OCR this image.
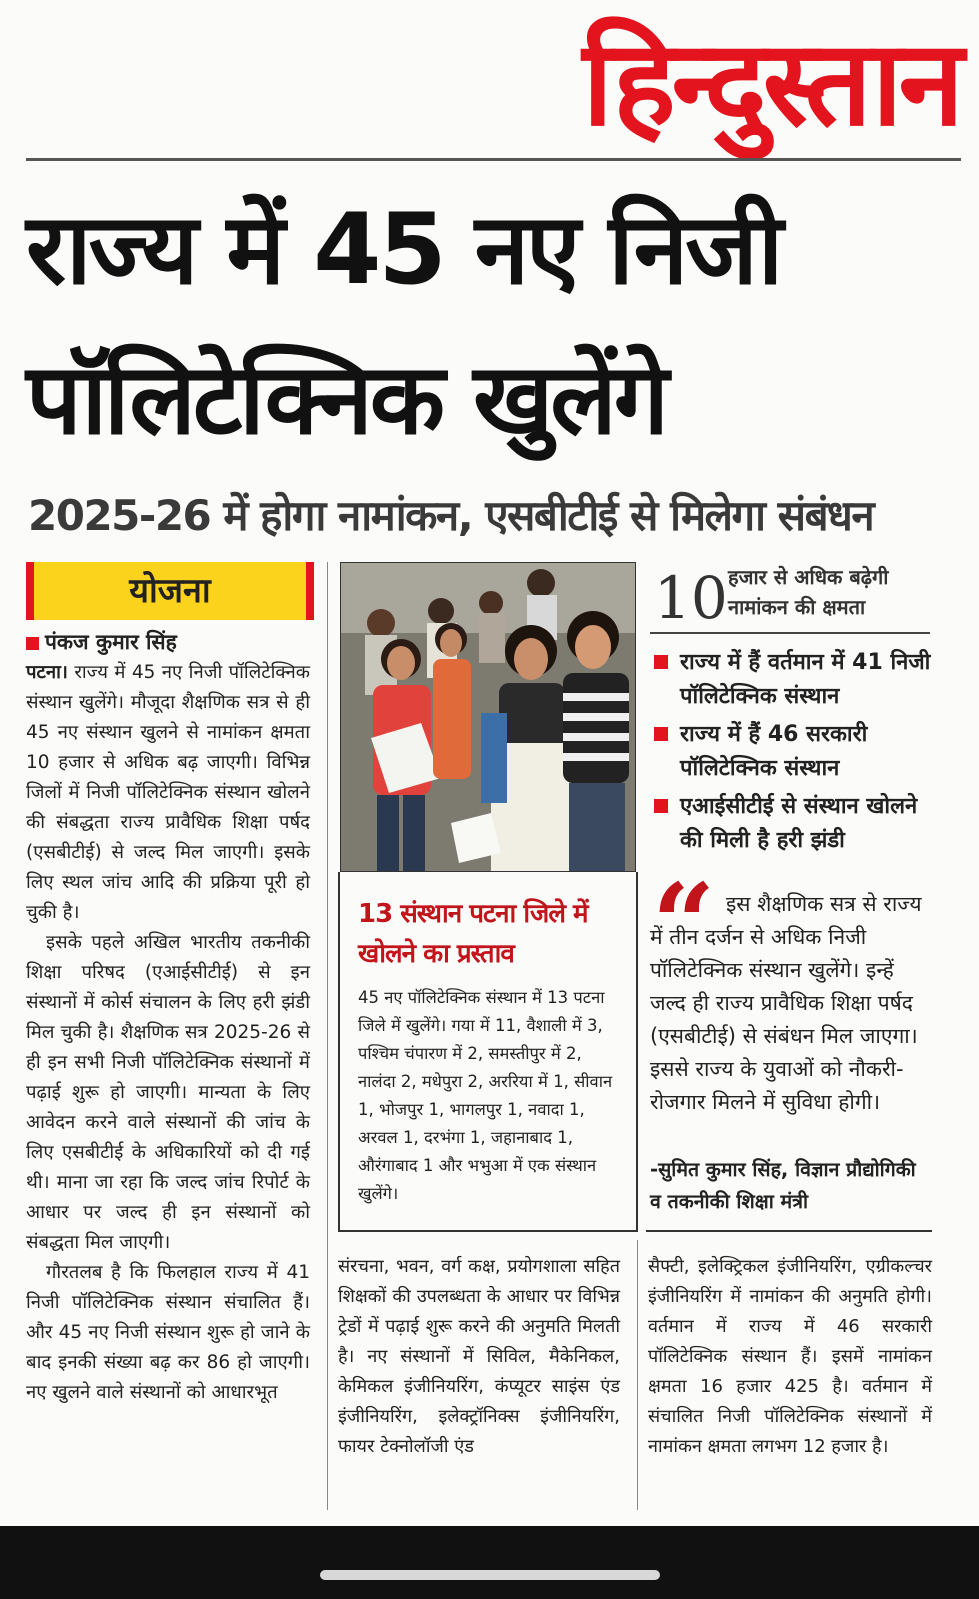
हिन्दुस्तान
राज्य में 45 नए निजी
पॉलिटेक्निक खुलेंगे
2025-26 में होगा नामांकन, एसबीटीई से मिलेगा संबंधन
योजना
पंकज कुमार सिंह

पटना। राज्य में 45 नए निजी पॉलिटेक्निक संस्थान खुलेंगे। मौजूदा शैक्षणिक सत्र से ही 45 नए संस्थान खुलने से नामांकन क्षमता 10 हजार से अधिक बढ़ जाएगी। विभिन्न जिलों में निजी पॉलिटेक्निक संस्थान खोलने की संबद्धता राज्य प्रावैधिक शिक्षा पर्षद (एसबीटीई) से जल्द मिल जाएगी। इसके लिए स्थल जांच आदि की प्रक्रिया पूरी हो चुकी है।

इसके पहले अखिल भारतीय तकनीकी शिक्षा परिषद (एआईसीटीई) से इन संस्थानों में कोर्स संचालन के लिए हरी झंडी मिल चुकी है। शैक्षणिक सत्र 2025-26 से ही इन सभी निजी पॉलिटेक्निक संस्थानों में पढ़ाई शुरू हो जाएगी। मान्यता के लिए आवेदन करने वाले संस्थानों की जांच के लिए एसबीटीई के अधिकारियों को दी गई थी। माना जा रहा कि जल्द जांच रिपोर्ट के आधार पर जल्द ही इन संस्थानों को संबद्धता मिल जाएगी।

गौरतलब है कि फिलहाल राज्य में 41 निजी पॉलिटेक्निक संस्थान संचालित हैं। और 45 नए निजी संस्थान शुरू हो जाने के बाद इनकी संख्या बढ़ कर 86 हो जाएगी। नए खुलने वाले संस्थानों को आधारभूत

10 हजार से अधिक बढ़ेगी नामांकन की क्षमता
राज्य में हैं वर्तमान में 41 निजी पॉलिटेक्निक संस्थान
राज्य में हैं 46 सरकारी पॉलिटेक्निक संस्थान
एआईसीटीई से संस्थान खोलने की मिली है हरी झंडी
13 संस्थान पटना जिले में खोलने का प्रस्ताव
45 नए पॉलिटेक्निक संस्थान में 13 पटना जिले में खुलेंगे। गया में 11, वैशाली में 3, पश्चिम चंपारण में 2, समस्तीपुर में 2, नालंदा 2, मधेपुरा 2, अररिया में 1, सीवान 1, भोजपुर 1, भागलपुर 1, नवादा 1, अरवल 1, दरभंगा 1, जहानाबाद 1, औरंगाबाद 1 और भभुआ में एक संस्थान खुलेंगे।
“ इस शैक्षणिक सत्र से राज्य में तीन दर्जन से अधिक निजी पॉलिटेक्निक संस्थान खुलेंगे। इन्हें जल्द ही राज्य प्रावैधिक शिक्षा पर्षद (एसबीटीई) से संबंधन मिल जाएगा। इससे राज्य के युवाओं को नौकरी-रोजगार मिलने में सुविधा होगी।
-सुमित कुमार सिंह, विज्ञान प्रौद्योगिकी व तकनीकी शिक्षा मंत्री
संरचना, भवन, वर्ग कक्ष, प्रयोगशाला सहित शिक्षकों की उपलब्धता के आधार पर विभिन्न ट्रेडों में पढ़ाई शुरू करने की अनुमति मिलती है। नए संस्थानों में सिविल, मैकेनिकल, केमिकल इंजीनियरिंग, कंप्यूटर साइंस एंड इंजीनियरिंग, इलेक्ट्रॉनिक्स इंजीनियरिंग, फायर टेक्नोलॉजी एंड
सैफ्टी, इलेक्ट्रिकल इंजीनियरिंग, एग्रीकल्चर इंजीनियरिंग में नामांकन की अनुमति होगी। वर्तमान में राज्य में 46 सरकारी पॉलिटेक्निक संस्थान हैं। इसमें नामांकन क्षमता 16 हजार 425 है। वर्तमान में संचालित निजी पॉलिटेक्निक संस्थानों में नामांकन क्षमता लगभग 12 हजार है।
